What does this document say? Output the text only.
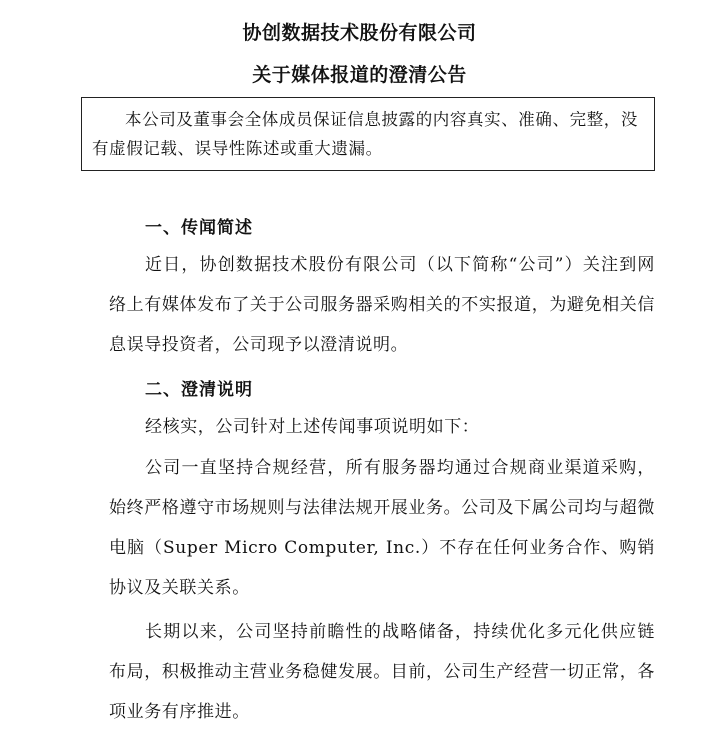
协创数据技术股份有限公司
关于媒体报道的澄清公告
本公司及董事会全体成员保证信息披露的内容真实、准确、完整，没有虚假记载、误导性陈述或重大遗漏。
一、传闻简述
近日，协创数据技术股份有限公司（以下简称“公司”）关注到网络上有媒体发布了关于公司服务器采购相关的不实报道，为避免相关信息误导投资者，公司现予以澄清说明。
二、澄清说明
经核实，公司针对上述传闻事项说明如下：
公司一直坚持合规经营，所有服务器均通过合规商业渠道采购，始终严格遵守市场规则与法律法规开展业务。公司及下属公司均与超微电脑（Super Micro Computer, Inc.）不存在任何业务合作、购销协议及关联关系。
长期以来，公司坚持前瞻性的战略储备，持续优化多元化供应链布局，积极推动主营业务稳健发展。目前，公司生产经营一切正常，各项业务有序推进。
